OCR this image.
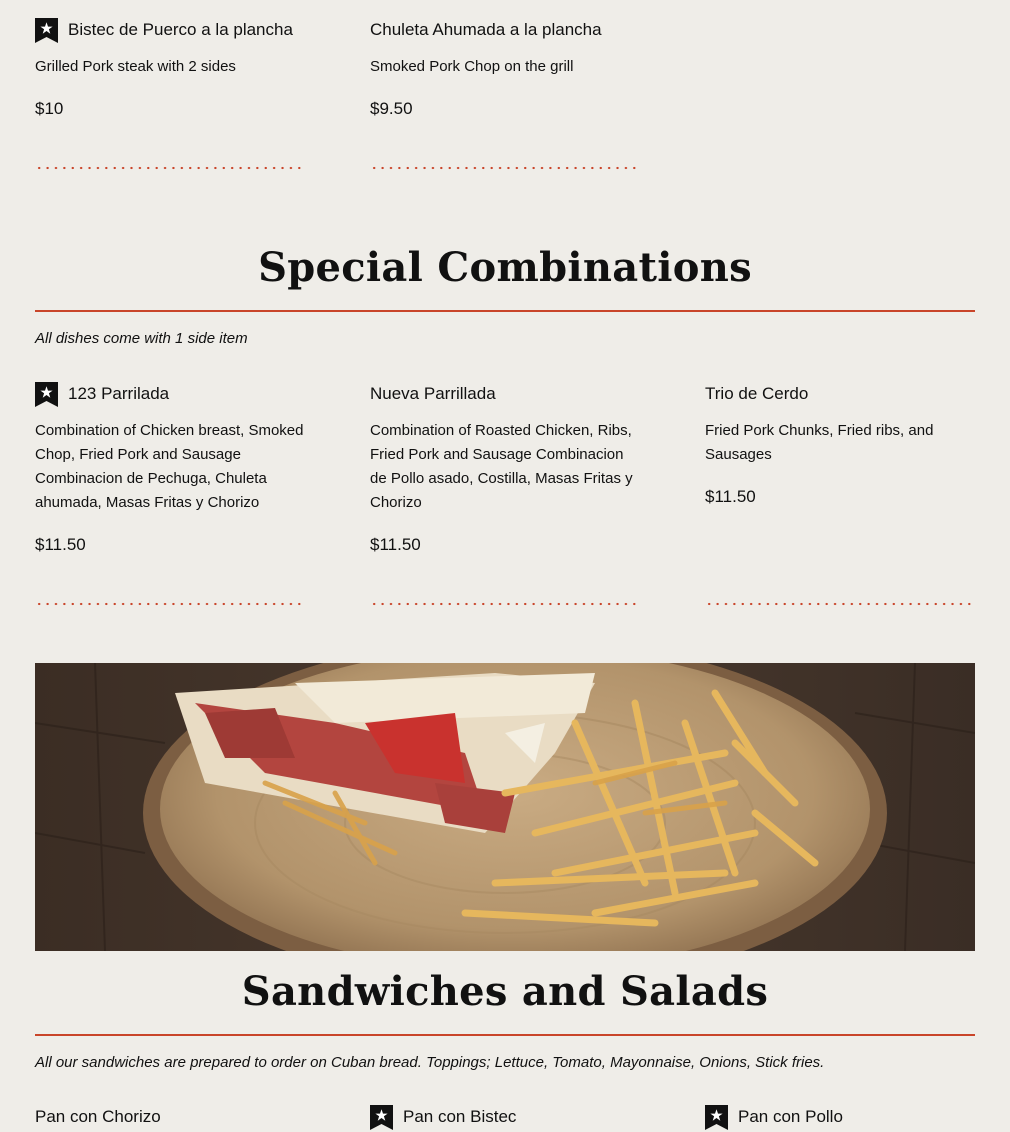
Bistec de Puerco a la plancha
Grilled Pork steak with 2 sides
$10
Chuleta Ahumada a la plancha
Smoked Pork Chop on the grill
$9.50
Special Combinations
All dishes come with 1 side item
123 Parrilada
Combination of Chicken breast, Smoked Chop, Fried Pork and Sausage Combinacion de Pechuga, Chuleta ahumada, Masas Fritas y Chorizo
$11.50
Nueva Parrillada
Combination of Roasted Chicken, Ribs, Fried Pork and Sausage Combinacion de Pollo asado, Costilla, Masas Fritas y Chorizo
$11.50
Trio de Cerdo
Fried Pork Chunks, Fried ribs, and Sausages
$11.50
Sandwiches and Salads
All our sandwiches are prepared to order on Cuban bread. Toppings; Lettuce, Tomato, Mayonnaise, Onions, Stick fries.
Pan con Chorizo	Pan con Bistec	Pan con Pollo
